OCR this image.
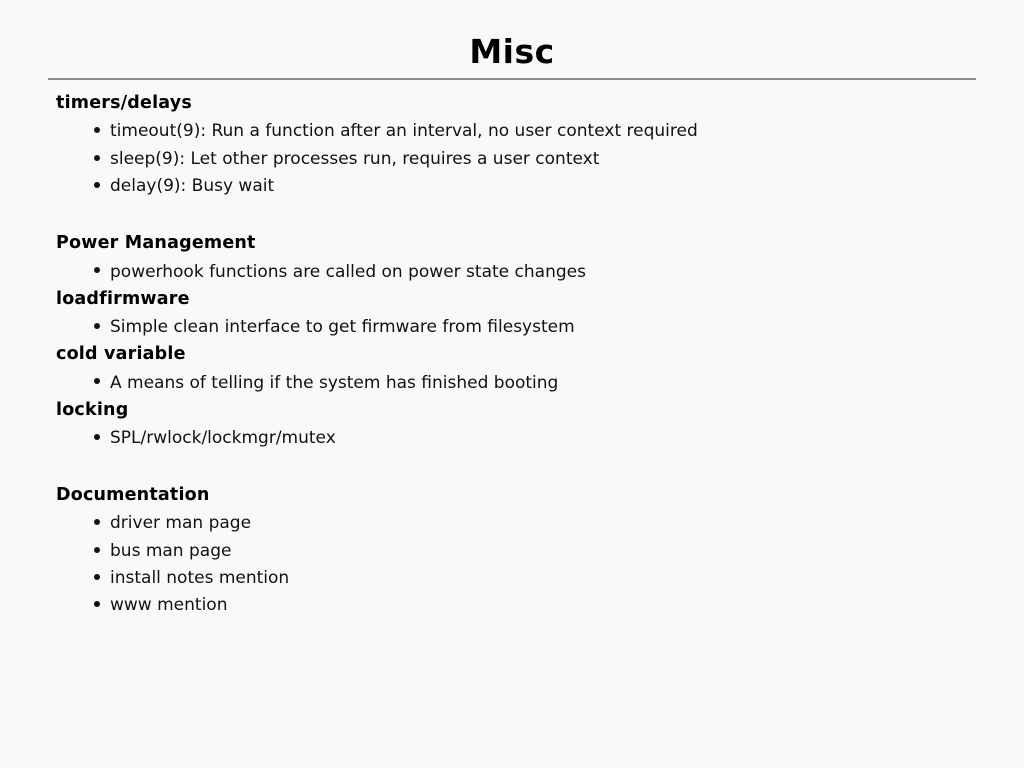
Misc
timers/delays
timeout(9): Run a function after an interval, no user context required
sleep(9): Let other processes run, requires a user context
delay(9): Busy wait
Power Management
powerhook functions are called on power state changes
loadfirmware
Simple clean interface to get firmware from filesystem
cold variable
A means of telling if the system has finished booting
locking
SPL/rwlock/lockmgr/mutex
Documentation
driver man page
bus man page
install notes mention
www mention
